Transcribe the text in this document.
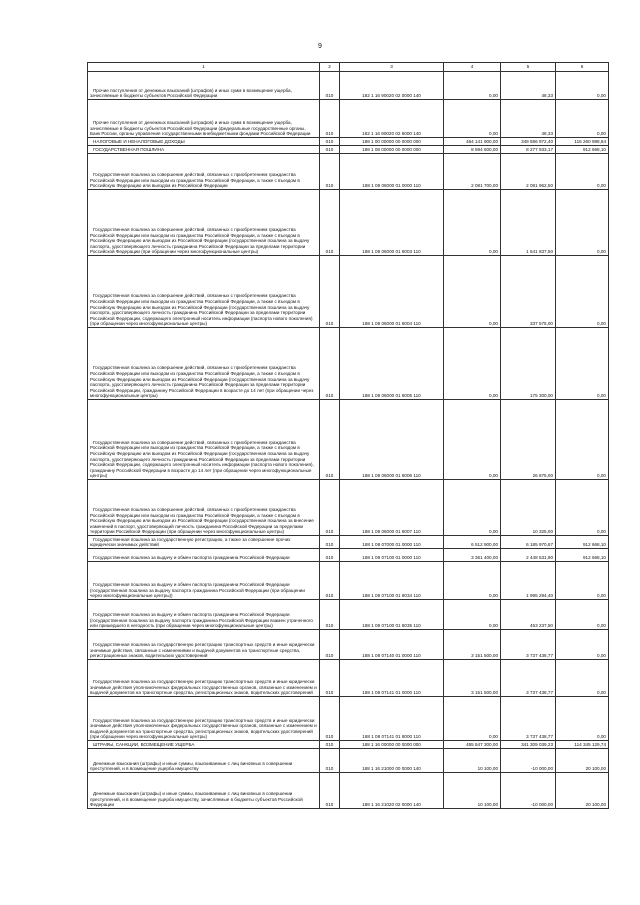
9
1	2	3	4	5	6

Прочие поступления от денежных взысканий (штрафов) и иных сумм в возмещение ущерба, зачисляемые в бюджеты субъектов Российской Федерации	010	182 1 16 90020 02 0000 140	0,00	48,33	0,00

Прочие поступления от денежных взысканий (штрафов) и иных сумм в возмещение ущерба, зачисляемые в бюджеты субъектов Российской Федерации (федеральные государственные органы, Банк России, органы управления государственными внебюджетными фондами Российской Федерации	010	182 1 16 90020 02 6000 140	0,00	48,33	0,00

НАЛОГОВЫЕ И НЕНАЛОГОВЫЕ ДОХОДЫ	010	188 1 00 00000 00 0000 000	464 141 900,00	349 586 972,40	116 260 988,84

ГОСУДАРСТВЕННАЯ ПОШЛИНА	010	188 1 08 00000 00 0000 000	8 594 600,00	8 277 933,17	912 668,10

Государственная пошлина за совершение действий, связанных с приобретением гражданства Российской Федерации или выходом из гражданства Российской Федерации, а также с въездом в Российскую Федерацию или выездом из Российской Федерации	010	188 1 08 06000 01 0000 110	2 081 700,00	2 081 962,50	0,00

Государственная пошлина за совершение действий, связанных с приобретением гражданства Российской Федерации или выходом из гражданства Российской Федерации, а также с въездом в Российскую Федерацию или выездом из Российской Федерации (государственная пошлина за выдачу паспорта, удостоверяющего личность гражданина Российской Федерации за пределами территории Российской Федерации (при обращении через многофункциональные центры)	010	188 1 08 06000 01 8003 110	0,00	1 541 837,50	0,00

Государственная пошлина за совершение действий, связанных с приобретением гражданства Российской Федерации или выходом из гражданства Российской Федерации, а также с въездом в Российскую Федерацию или выездом из Российской Федерации (государственная пошлина за выдачу паспорта, удостоверяющего личность гражданина Российской Федерации за пределами территории Российской Федерации, содержащего электронный носитель информации (паспорта нового поколения) (при обращении через многофункциональные центры)	010	188 1 08 06000 01 8004 110	0,00	337 575,00	0,00

Государственная пошлина за совершение действий, связанных с приобретением гражданства Российской Федерации или выходом из гражданства Российской Федерации, а также с въездом в Российскую Федерацию или выездом из Российской Федерации (государственная пошлина за выдачу паспорта, удостоверяющего личность гражданина Российской Федерации за пределами территории Российской Федерации, гражданину Российской Федерации в возрасте до 14 лет (при обращении через многофункциональные центры)	010	188 1 08 06000 01 8005 110	0,00	175 300,00	0,00

Государственная пошлина за совершение действий, связанных с приобретением гражданства Российской Федерации или выходом из гражданства Российской Федерации, а также с въездом в Российскую Федерацию или выездом из Российской Федерации (государственная пошлина за выдачу паспорта, удостоверяющего личность гражданина Российской Федерации за пределами территории Российской Федерации, содержащего электронный носитель информации (паспорта нового поколения), гражданину Российской Федерации в возрасте до 14 лет (при обращении через многофункциональные центры)	010	188 1 08 06000 01 8006 110	0,00	26 875,00	0,00

Государственная пошлина за совершение действий, связанных с приобретением гражданства Российской Федерации или выходом из гражданства Российской Федерации, а также с въездом в Российскую Федерацию или выездом из Российской Федерации (государственная пошлина за внесение изменений в паспорт, удостоверяющий личность гражданина Российской Федерации за пределами территории Российской Федерации (при обращении через многофункциональные центры)	010	188 1 08 06000 01 8007 110	0,00	10 325,00	0,00

Государственная пошлина за государственную регистрацию, а также за совершение прочих юридически значимых действий	010	188 1 08 07000 01 0000 110	6 512 900,00	6 185 970,67	912 668,10

Государственная пошлина за выдачу и обмен паспорта гражданина Российской Федерации	010	188 1 08 07100 01 0000 110	3 361 400,00	2 448 531,90	912 668,10

Государственная пошлина за выдачу и обмен паспорта гражданина Российской Федерации (государственная пошлина за выдачу паспорта гражданина Российской Федерации (при обращении через многофункциональные центры))	010	188 1 08 07100 01 8034 110	0,00	1 995 294,40	0,00

Государственная пошлина за выдачу и обмен паспорта гражданина Российской Федерации (государственная пошлина за выдачу паспорта гражданина Российской Федерации взамен утраченного или пришедшего в негодность (при обращении через многофункциональные центры)	010	188 1 08 07100 01 8035 110	0,00	453 237,50	0,00

Государственная пошлина за государственную регистрацию транспортных средств и иные юридически значимые действия, связанные с изменениями и выдачей документов на транспортные средства, регистрационных знаков, водительских удостоверений	010	188 1 08 07140 01 0000 110	3 151 500,00	3 737 438,77	0,00

Государственная пошлина за государственную регистрацию транспортных средств и иные юридически значимые действия уполномоченных федеральных государственных органов, связанные с изменением и выдачей документов на транспортные средства, регистрационных знаков, водительских удостоверений	010	188 1 08 07141 01 0000 110	3 151 500,00	3 737 438,77	0,00

Государственная пошлина за государственную регистрацию транспортных средств и иные юридически значимые действия уполномоченных федеральных государственных органов, связанные с изменением и выдачей документов на транспортные средства, регистрационных знаков, водительских удостоверений (при обращении через многофункциональные центры)	010	188 1 08 07141 01 8000 110	0,00	3 737 438,77	0,00

ШТРАФЫ, САНКЦИИ, ВОЗМЕЩЕНИЕ УЩЕРБА	010	188 1 16 00000 00 0000 000	455 547 300,00	341 309 039,23	114 345 129,74

Денежные взыскания (штрафы) и иные суммы, взыскиваемые с лиц виновных в совершении преступлений, и в возмещение ущерба имуществу	010	188 1 16 21000 00 0000 140	10 100,00	-10 000,00	20 100,00

Денежные взыскания (штрафы) и иные суммы, взыскиваемые с лиц виновных в совершении преступлений, и в возмещение ущерба имуществу, зачисляемые в бюджеты субъектов Российской Федерации	010	188 1 16 21020 02 0000 140	10 100,00	-10 000,00	20 100,00
